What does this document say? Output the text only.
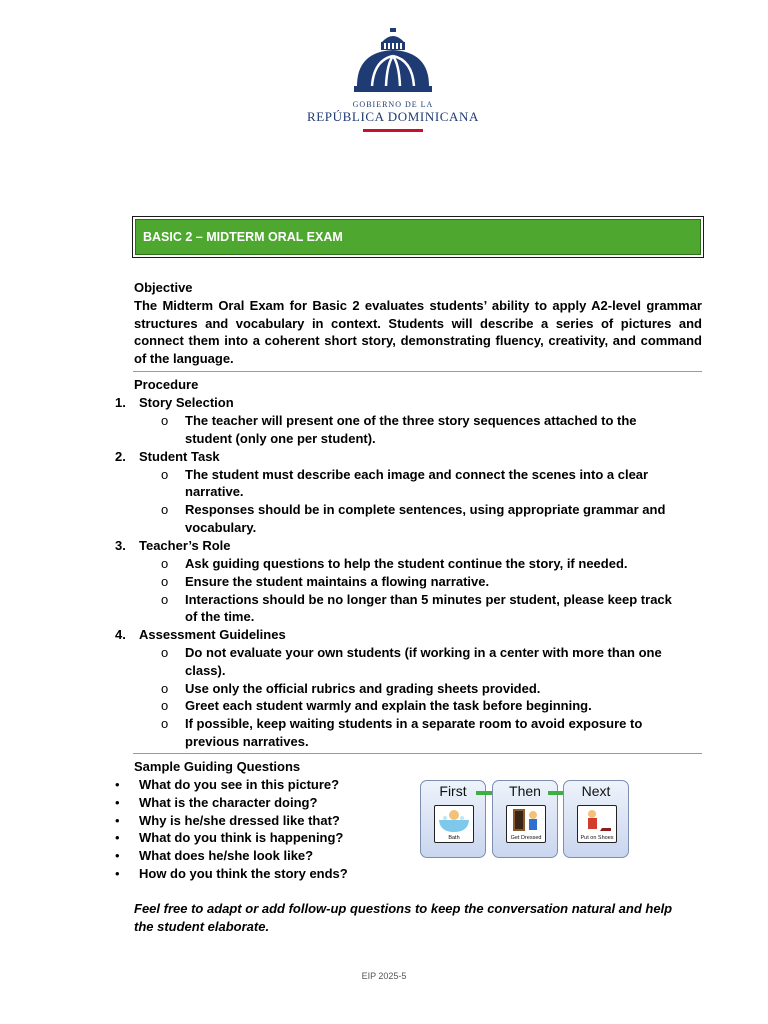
GOBIERNO DE LA
REPÚBLICA DOMINICANA
BASIC 2 – MIDTERM ORAL EXAM
Objective
The Midterm Oral Exam for Basic 2 evaluates students’ ability to apply A2-level grammar structures and vocabulary in context. Students will describe a series of pictures and connect them into a coherent short story, demonstrating fluency, creativity, and command of the language.
Procedure
1. Story Selection
o The teacher will present one of the three story sequences attached to the
student (only one per student).
2. Student Task
o The student must describe each image and connect the scenes into a clear
narrative.
o Responses should be in complete sentences, using appropriate grammar and
vocabulary.
3. Teacher’s Role
o Ask guiding questions to help the student continue the story, if needed.
o Ensure the student maintains a flowing narrative.
o Interactions should be no longer than 5 minutes per student, please keep track
of the time.
4. Assessment Guidelines
o Do not evaluate your own students (if working in a center with more than one
class).
o Use only the official rubrics and grading sheets provided.
o Greet each student warmly and explain the task before beginning.
o If possible, keep waiting students in a separate room to avoid exposure to
previous narratives.
Sample Guiding Questions
• What do you see in this picture?
• What is the character doing?
• Why is he/she dressed like that?
• What do you think is happening?
• What does he/she look like?
• How do you think the story ends?
First
Bath
Then
Get Dressed
Next
Put on Shoes
Feel free to adapt or add follow-up questions to keep the conversation natural and help
the student elaborate.
EIP 2025-5
